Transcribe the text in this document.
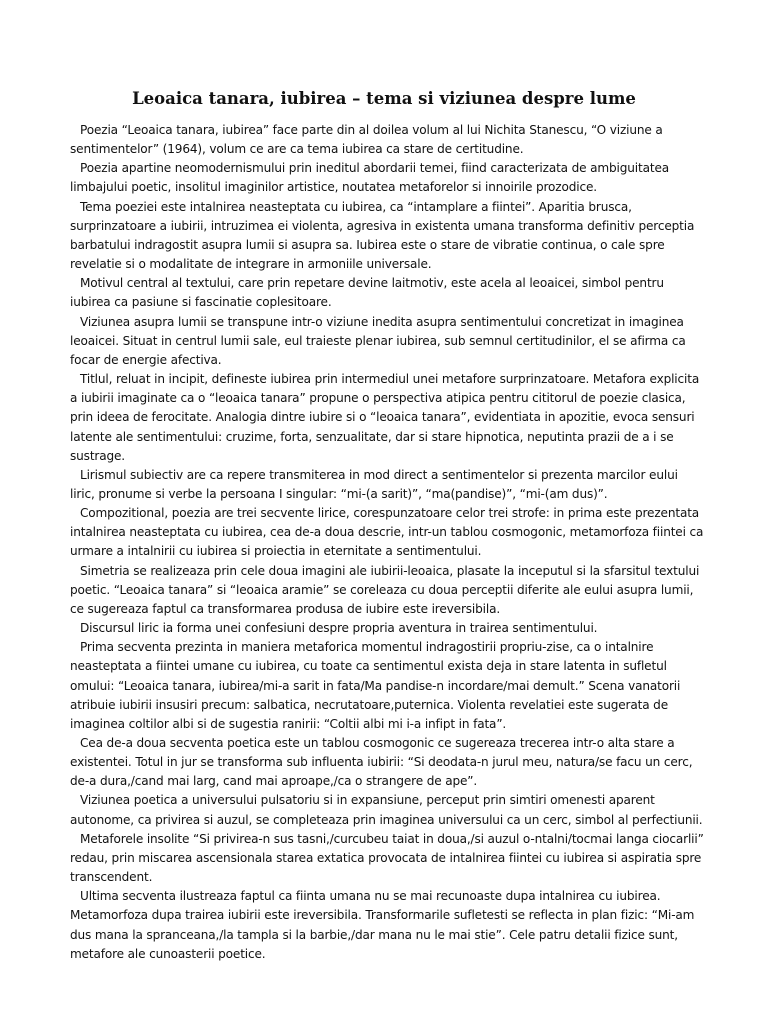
Leoaica tanara, iubirea – tema si viziunea despre lume

Poezia “Leoaica tanara, iubirea” face parte din al doilea volum al lui Nichita Stanescu, “O viziune a sentimentelor” (1964), volum ce are ca tema iubirea ca stare de certitudine.

Poezia apartine neomodernismului prin ineditul abordarii temei, fiind caracterizata de ambiguitatea limbajului poetic, insolitul imaginilor artistice, noutatea metaforelor si innoirile prozodice.

Tema poeziei este intalnirea neasteptata cu iubirea, ca “intamplare a fiintei”. Aparitia brusca, surprinzatoare a iubirii, intruzimea ei violenta, agresiva in existenta umana transforma definitiv perceptia barbatului indragostit asupra lumii si asupra sa. Iubirea este o stare de vibratie continua, o cale spre revelatie si o modalitate de integrare in armoniile universale.

Motivul central al textului, care prin repetare devine laitmotiv, este acela al leoaicei, simbol pentru iubirea ca pasiune si fascinatie coplesitoare.

Viziunea asupra lumii se transpune intr-o viziune inedita asupra sentimentului concretizat in imaginea leoaicei. Situat in centrul lumii sale, eul traieste plenar iubirea, sub semnul certitudinilor, el se afirma ca focar de energie afectiva.

Titlul, reluat in incipit, defineste iubirea prin intermediul unei metafore surprinzatoare. Metafora explicita a iubirii imaginate ca o “leoaica tanara” propune o perspectiva atipica pentru cititorul de poezie clasica, prin ideea de ferocitate. Analogia dintre iubire si o “leoaica tanara”, evidentiata in apozitie, evoca sensuri latente ale sentimentului: cruzime, forta, senzualitate, dar si stare hipnotica, neputinta prazii de a i se sustrage.

Lirismul subiectiv are ca repere transmiterea in mod direct a sentimentelor si prezenta marcilor eului liric, pronume si verbe la persoana I singular: “mi-(a sarit)”, “ma(pandise)”, “mi-(am dus)”.

Compozitional, poezia are trei secvente lirice, corespunzatoare celor trei strofe: in prima este prezentata intalnirea neasteptata cu iubirea, cea de-a doua descrie, intr-un tablou cosmogonic, metamorfoza fiintei ca urmare a intalnirii cu iubirea si proiectia in eternitate a sentimentului.

Simetria se realizeaza prin cele doua imagini ale iubirii-leoaica, plasate la inceputul si la sfarsitul textului poetic. “Leoaica tanara” si “leoaica aramie” se coreleaza cu doua perceptii diferite ale eului asupra lumii, ce sugereaza faptul ca transformarea produsa de iubire este ireversibila.

Discursul liric ia forma unei confesiuni despre propria aventura in trairea sentimentului.

Prima secventa prezinta in maniera metaforica momentul indragostirii propriu-zise, ca o intalnire neasteptata a fiintei umane cu iubirea, cu toate ca sentimentul exista deja in stare latenta in sufletul omului: “Leoaica tanara, iubirea/mi-a sarit in fata/Ma pandise-n incordare/mai demult.” Scena vanatorii atribuie iubirii insusiri precum: salbatica, necrutatoare,puternica. Violenta revelatiei este sugerata de imaginea coltilor albi si de sugestia ranirii: “Coltii albi mi i-a infipt in fata”.

Cea de-a doua secventa poetica este un tablou cosmogonic ce sugereaza trecerea intr-o alta stare a existentei. Totul in jur se transforma sub influenta iubirii: “Si deodata-n jurul meu, natura/se facu un cerc, de-a dura,/cand mai larg, cand mai aproape,/ca o strangere de ape”.

Viziunea poetica a universului pulsatoriu si in expansiune, perceput prin simtiri omenesti aparent autonome, ca privirea si auzul, se completeaza prin imaginea universului ca un cerc, simbol al perfectiunii.

Metaforele insolite “Si privirea-n sus tasni,/curcubeu taiat in doua,/si auzul o-ntalni/tocmai langa ciocarlii” redau, prin miscarea ascensionala starea extatica provocata de intalnirea fiintei cu iubirea si aspiratia spre transcendent.

Ultima secventa ilustreaza faptul ca fiinta umana nu se mai recunoaste dupa intalnirea cu iubirea. Metamorfoza dupa trairea iubirii este ireversibila. Transformarile sufletesti se reflecta in plan fizic: “Mi-am dus mana la spranceana,/la tampla si la barbie,/dar mana nu le mai stie”. Cele patru detalii fizice sunt, metafore ale cunoasterii poetice.
